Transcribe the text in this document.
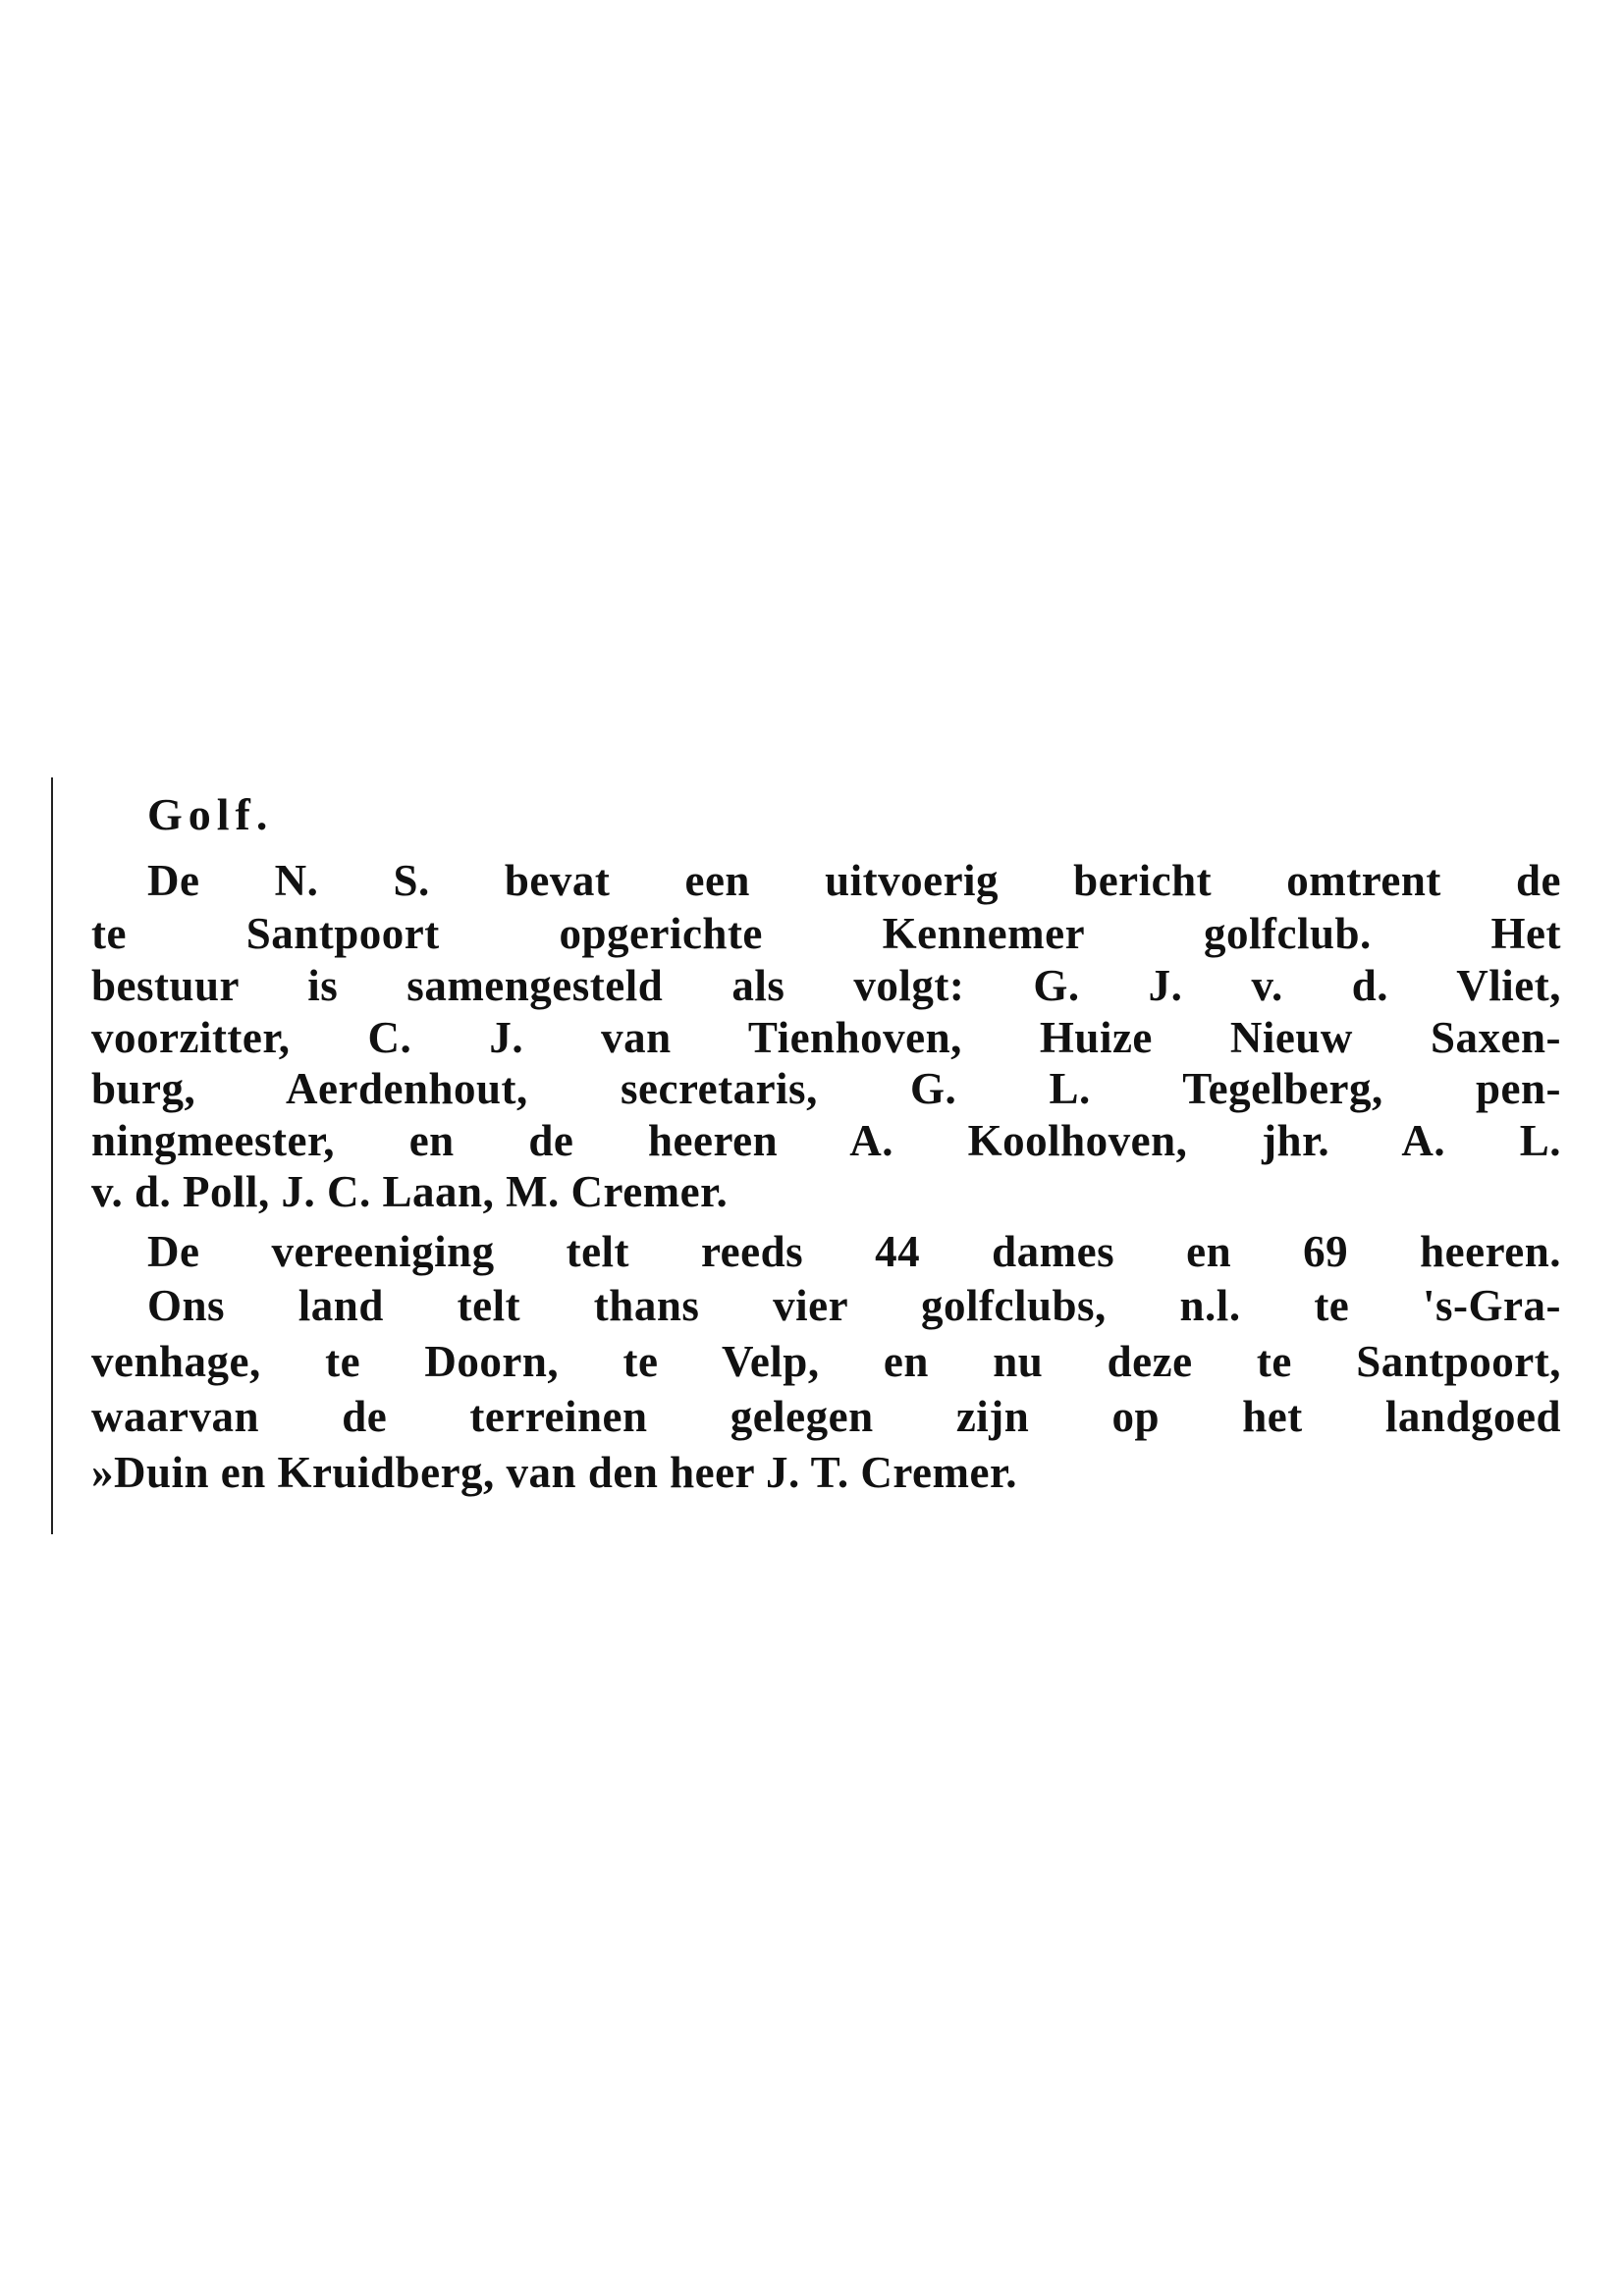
Golf.
De N. S. bevat een uitvoerig bericht omtrent de
te Santpoort opgerichte Kennemer golfclub. Het
bestuur is samengesteld als volgt: G. J. v. d. Vliet,
voorzitter, C. J. van Tienhoven, Huize Nieuw Saxen-
burg, Aerdenhout, secretaris, G. L. Tegelberg, pen-
ningmeester, en de heeren A. Koolhoven, jhr. A. L.
v. d. Poll, J. C. Laan, M. Cremer.
De vereeniging telt reeds 44 dames en 69 heeren.
Ons land telt thans vier golfclubs, n.l. te 's-Gra-
venhage, te Doorn, te Velp, en nu deze te Santpoort,
waarvan de terreinen gelegen zijn op het landgoed
»Duin en Kruidberg, van den heer J. T. Cremer.
